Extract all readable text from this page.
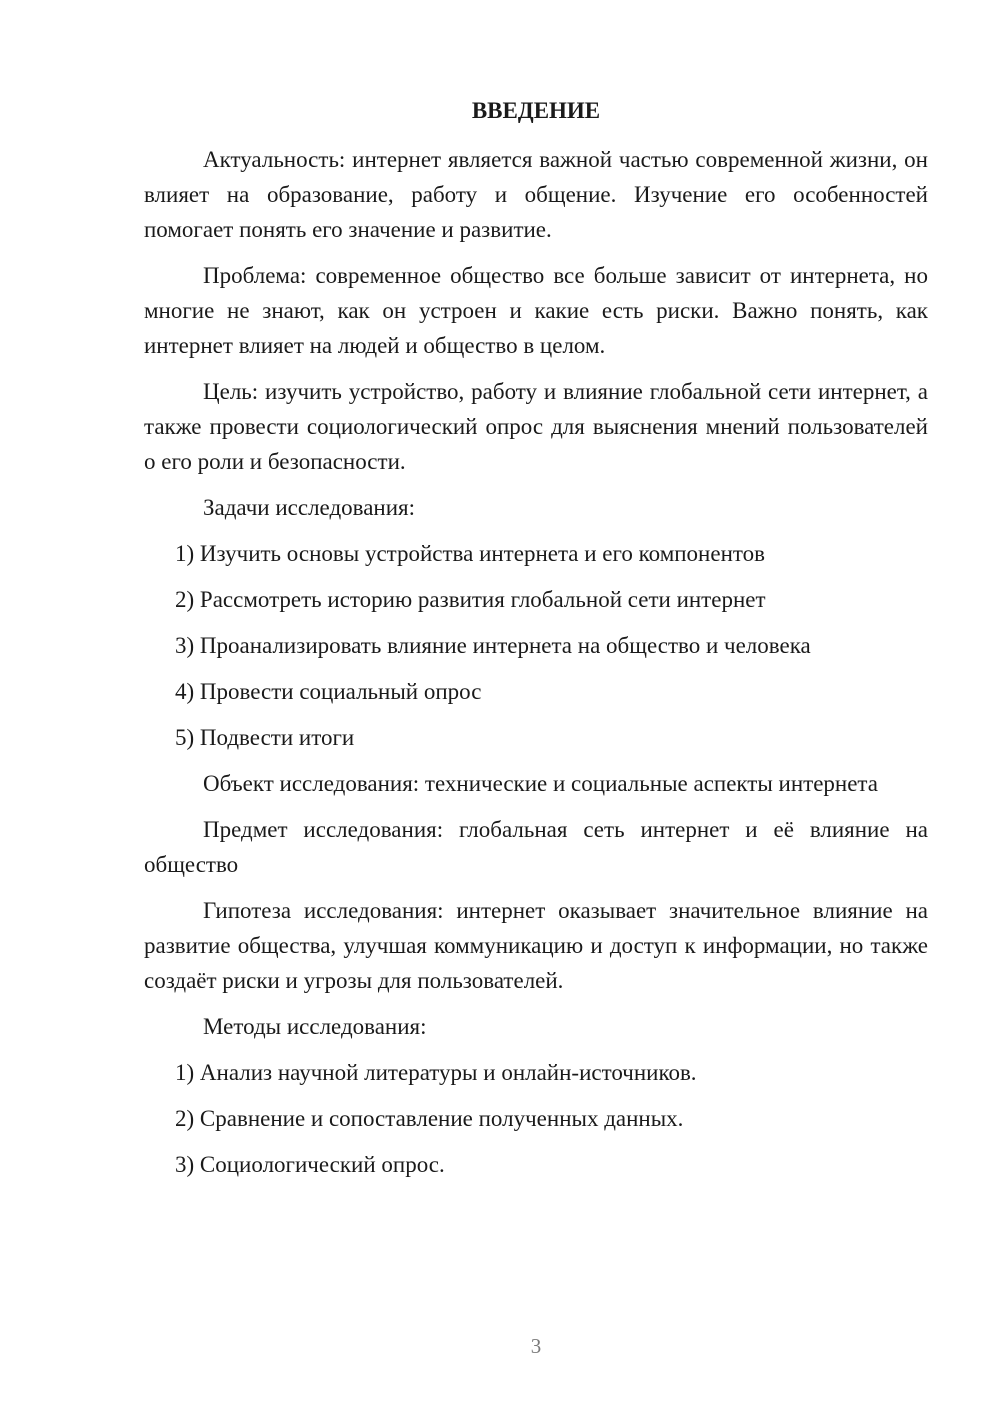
ВВЕДЕНИЕ

Актуальность: интернет является важной частью современной жизни, он влияет на образование, работу и общение. Изучение его особенностей помогает понять его значение и развитие.

Проблема: современное общество все больше зависит от интернета, но многие не знают, как он устроен и какие есть риски. Важно понять, как интернет влияет на людей и общество в целом.

Цель: изучить устройство, работу и влияние глобальной сети интернет, а также провести социологический опрос для выяснения мнений пользователей о его роли и безопасности.

Задачи исследования:

1) Изучить основы устройства интернета и его компонентов

2) Рассмотреть историю развития глобальной сети интернет

3) Проанализировать влияние интернета на общество и человека

4) Провести социальный опрос

5) Подвести итоги

Объект исследования: технические и социальные аспекты интернета

Предмет исследования: глобальная сеть интернет и её влияние на общество

Гипотеза исследования: интернет оказывает значительное влияние на развитие общества, улучшая коммуникацию и доступ к информации, но также создаёт риски и угрозы для пользователей.

Методы исследования:

1) Анализ научной литературы и онлайн-источников.

2) Сравнение и сопоставление полученных данных.

3) Социологический опрос.

3
